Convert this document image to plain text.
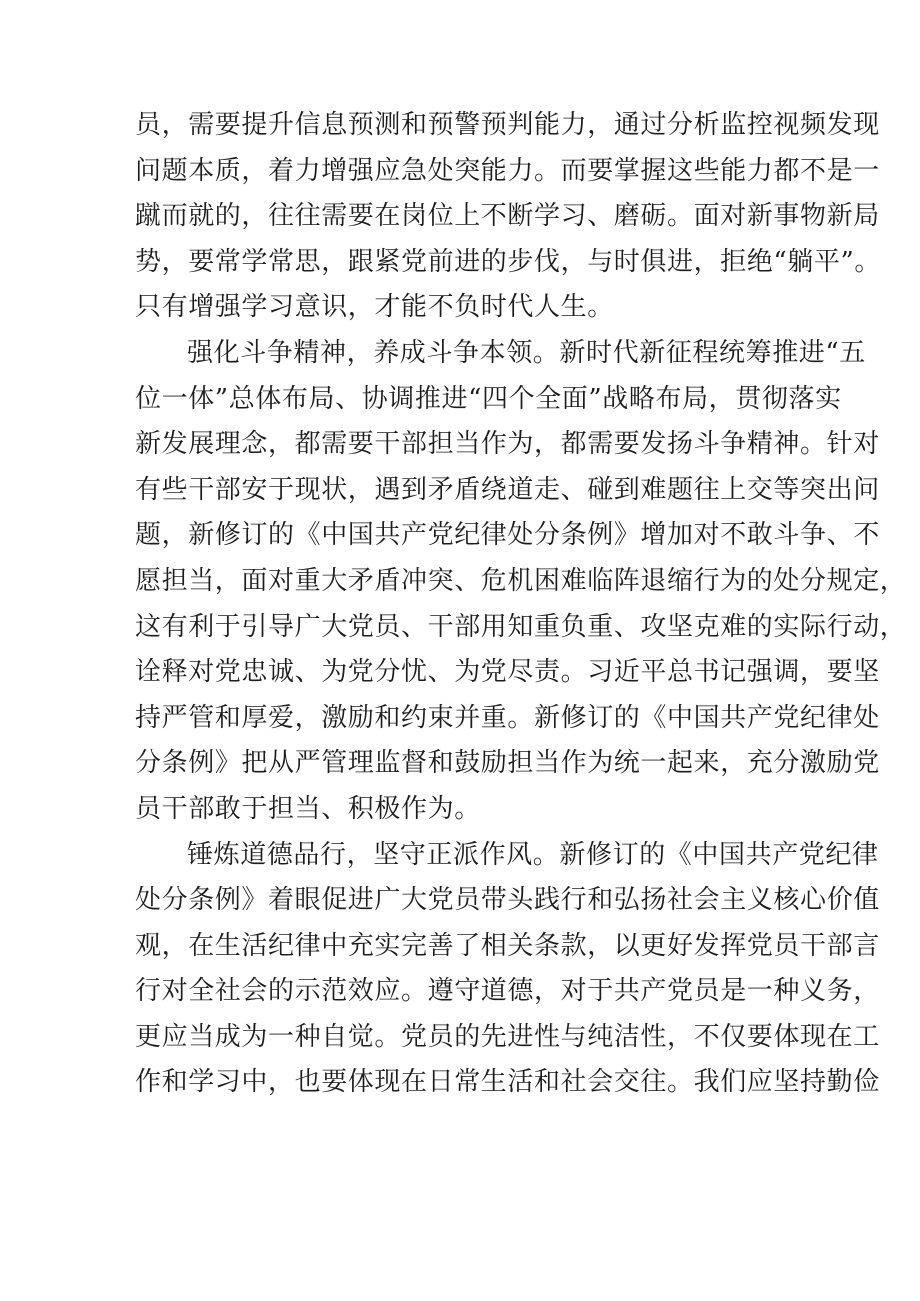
员，需要提升信息预测和预警预判能力，通过分析监控视频发现
问题本质，着力增强应急处突能力。而要掌握这些能力都不是一
蹴而就的，往往需要在岗位上不断学习、磨砺。面对新事物新局
势，要常学常思，跟紧党前进的步伐，与时俱进，拒绝“躺平”。
只有增强学习意识，才能不负时代人生。
强化斗争精神，养成斗争本领。新时代新征程统筹推进“五
位一体”总体布局、协调推进“四个全面”战略布局，贯彻落实
新发展理念，都需要干部担当作为，都需要发扬斗争精神。针对
有些干部安于现状，遇到矛盾绕道走、碰到难题往上交等突出问
题，新修订的《中国共产党纪律处分条例》增加对不敢斗争、不
愿担当，面对重大矛盾冲突、危机困难临阵退缩行为的处分规定，
这有利于引导广大党员、干部用知重负重、攻坚克难的实际行动，
诠释对党忠诚、为党分忧、为党尽责。习近平总书记强调，要坚
持严管和厚爱，激励和约束并重。新修订的《中国共产党纪律处
分条例》把从严管理监督和鼓励担当作为统一起来，充分激励党
员干部敢于担当、积极作为。
锤炼道德品行，坚守正派作风。新修订的《中国共产党纪律
处分条例》着眼促进广大党员带头践行和弘扬社会主义核心价值
观，在生活纪律中充实完善了相关条款，以更好发挥党员干部言
行对全社会的示范效应。遵守道德，对于共产党员是一种义务，
更应当成为一种自觉。党员的先进性与纯洁性，不仅要体现在工
作和学习中，也要体现在日常生活和社会交往。我们应坚持勤俭
